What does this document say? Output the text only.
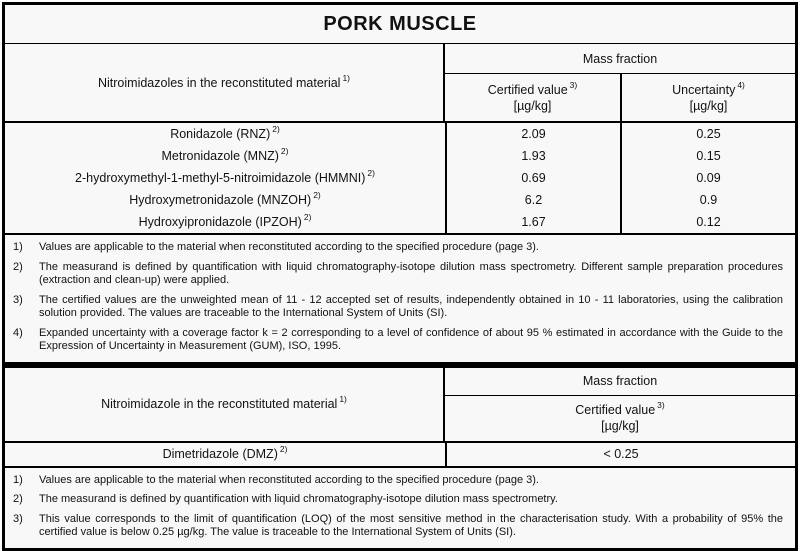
PORK MUSCLE
Nitroimidazoles in the reconstituted material $^{1)}$
Mass fraction
Certified value $^{3)}$
[µg/kg]
Uncertainty $^{4)}$
[µg/kg]
Ronidazole (RNZ) $^{2)}$	2.09	0.25
Metronidazole (MNZ) $^{2)}$	1.93	0.15
2-hydroxymethyl-1-methyl-5-nitroimidazole (HMMNI) $^{2)}$	0.69	0.09
Hydroxymetronidazole (MNZOH) $^{2)}$	6.2	0.9
Hydroxyipronidazole (IPZOH) $^{2)}$	1.67	0.12
1)	Values are applicable to the material when reconstituted according to the specified procedure (page 3).
2)	The measurand is defined by quantification with liquid chromatography-isotope dilution mass spectrometry. Different sample preparation procedures (extraction and clean-up) were applied.
3)	The certified values are the unweighted mean of 11 - 12 accepted set of results, independently obtained in 10 - 11 laboratories, using the calibration solution provided. The values are traceable to the International System of Units (SI).
4)	Expanded uncertainty with a coverage factor k = 2 corresponding to a level of confidence of about 95 % estimated in accordance with the Guide to the Expression of Uncertainty in Measurement (GUM), ISO, 1995.
Nitroimidazole in the reconstituted material $^{1)}$
Mass fraction
Certified value $^{3)}$
[µg/kg]
Dimetridazole (DMZ) $^{2)}$	< 0.25
1)	Values are applicable to the material when reconstituted according to the specified procedure (page 3).
2)	The measurand is defined by quantification with liquid chromatography-isotope dilution mass spectrometry.
3)	This value corresponds to the limit of quantification (LOQ) of the most sensitive method in the characterisation study. With a probability of 95% the certified value is below 0.25 µg/kg. The value is traceable to the International System of Units (SI).
